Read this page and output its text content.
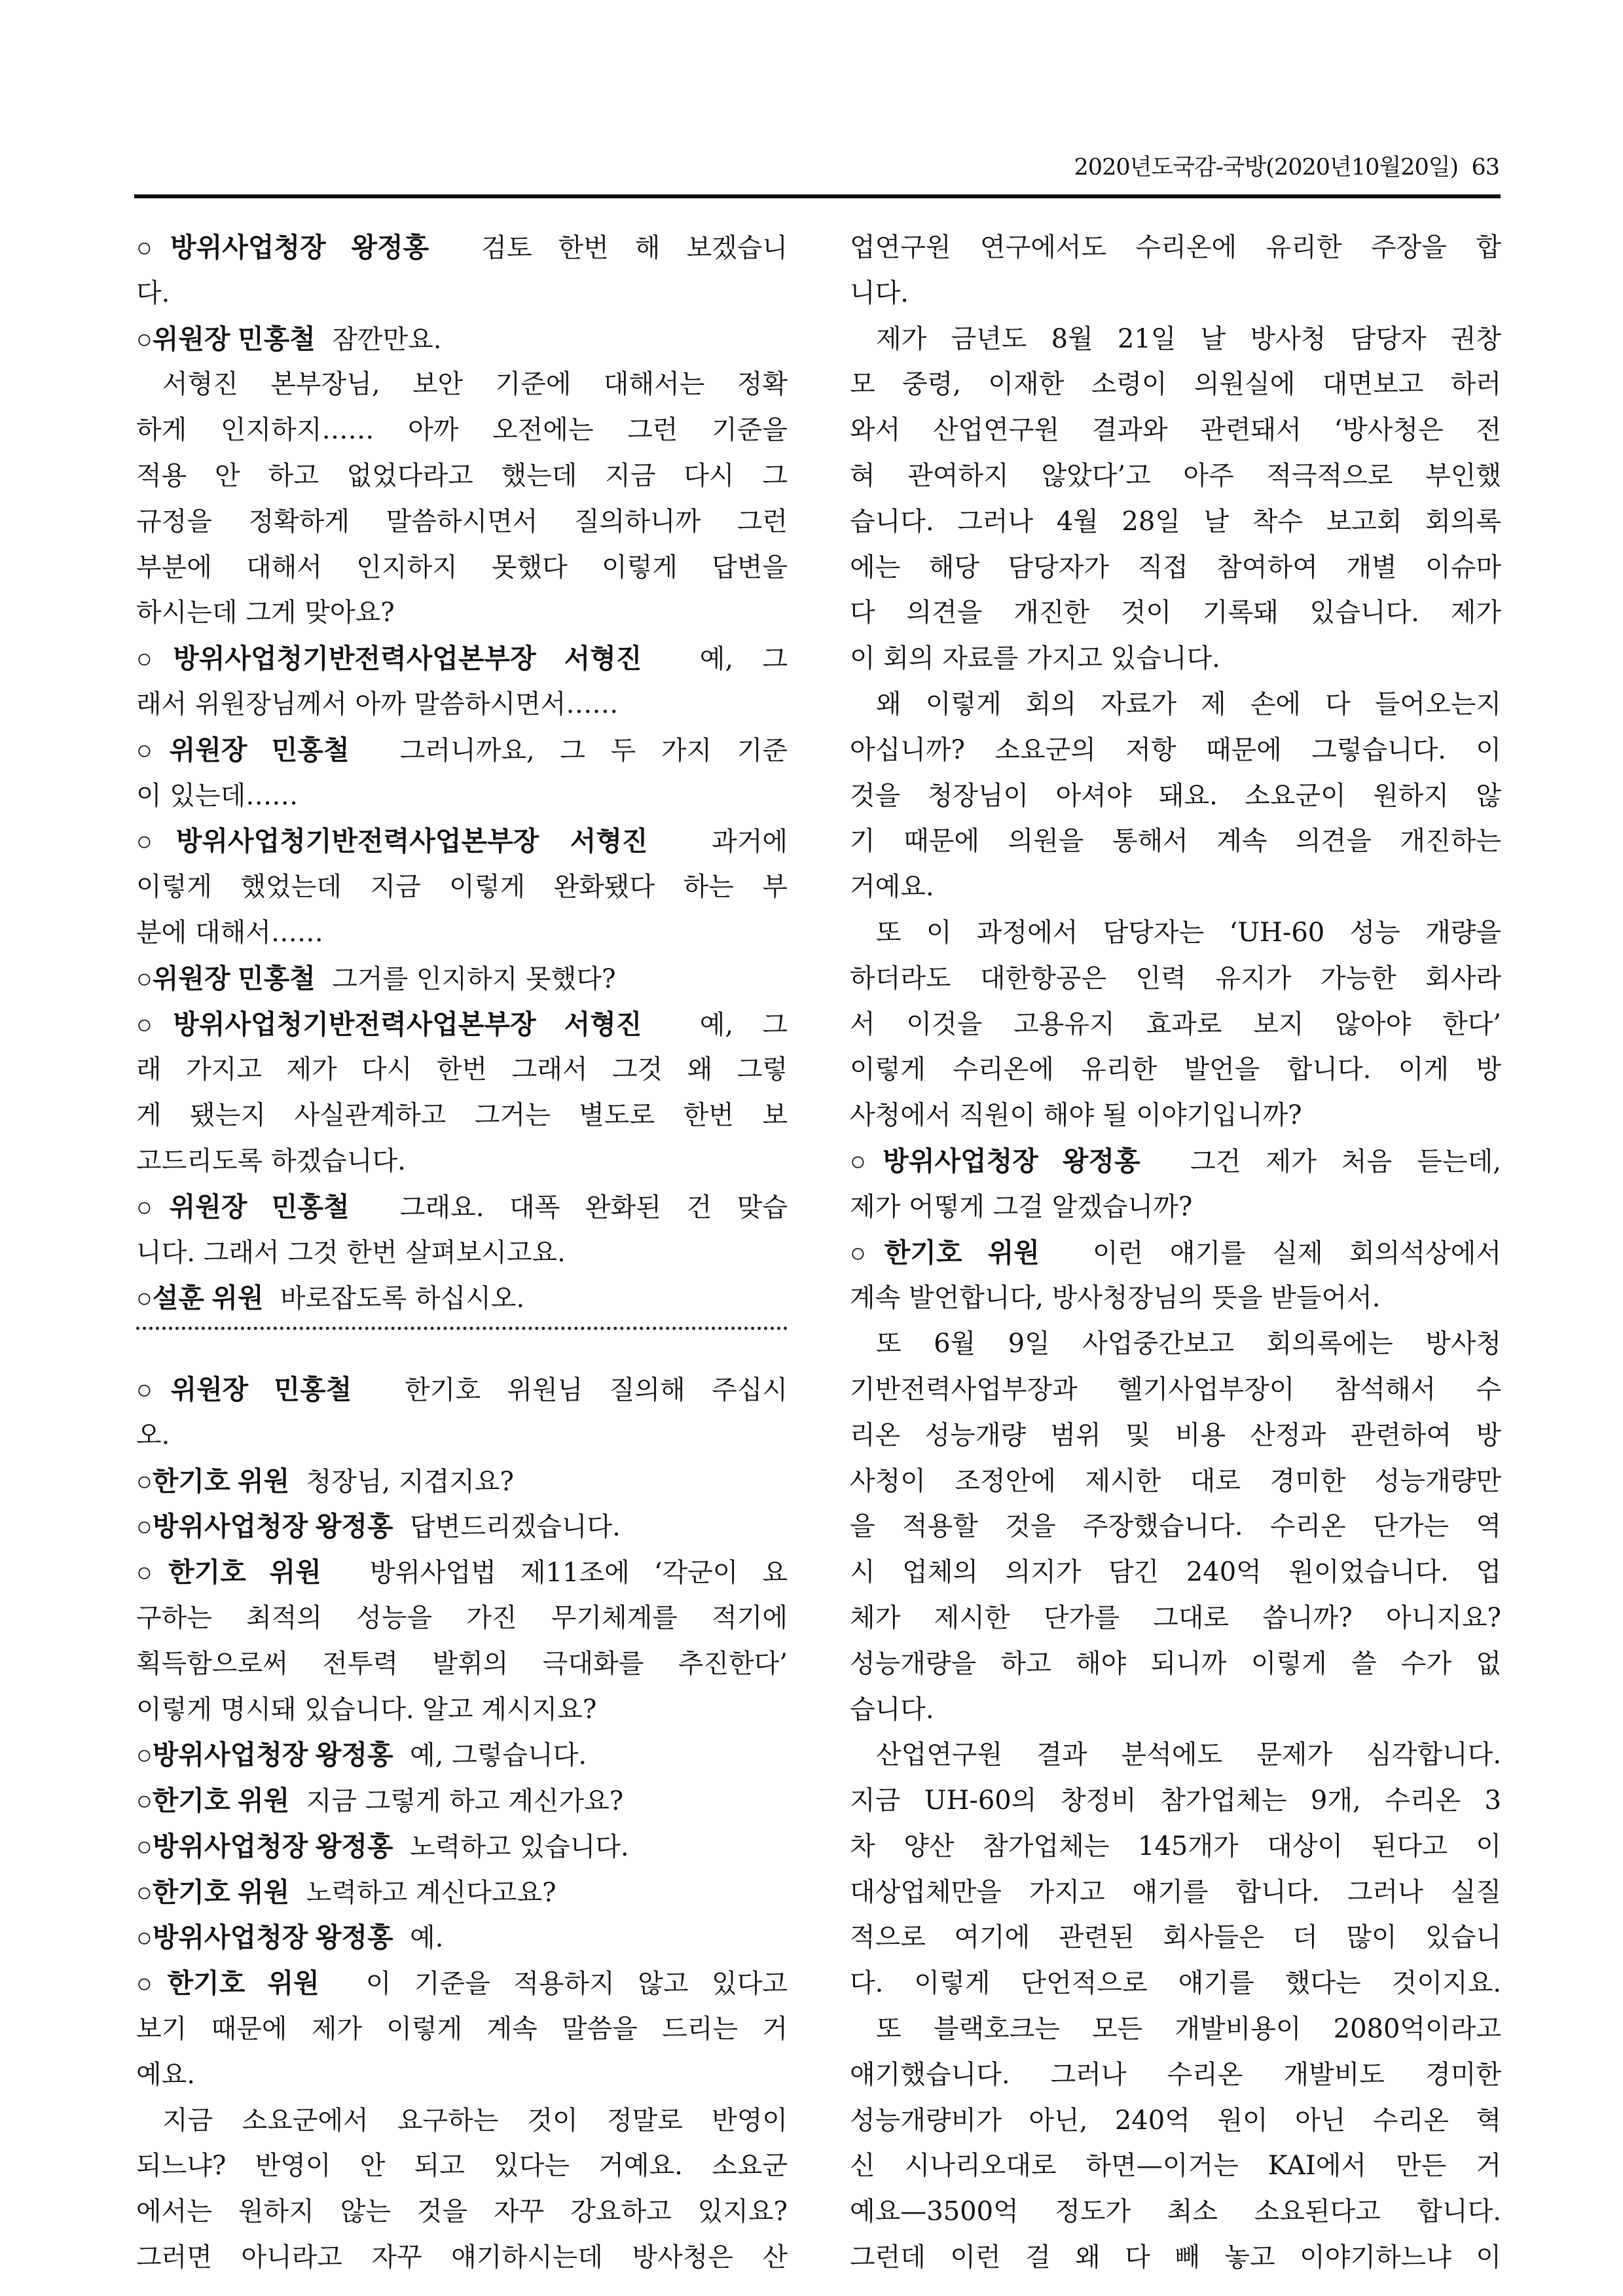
2020년도국감-국방(2020년10월20일) 63
○방위사업청장 왕정홍 검토 한번 해 보겠습니
다.
○위원장 민홍철 잠깐만요.
서형진 본부장님, 보안 기준에 대해서는 정확
하게 인지하지…… 아까 오전에는 그런 기준을
적용 안 하고 없었다라고 했는데 지금 다시 그
규정을 정확하게 말씀하시면서 질의하니까 그런
부분에 대해서 인지하지 못했다 이렇게 답변을
하시는데 그게 맞아요?
○방위사업청기반전력사업본부장 서형진 예, 그
래서 위원장님께서 아까 말씀하시면서……
○위원장 민홍철 그러니까요, 그 두 가지 기준
이 있는데……
○방위사업청기반전력사업본부장 서형진 과거에
이렇게 했었는데 지금 이렇게 완화됐다 하는 부
분에 대해서……
○위원장 민홍철 그거를 인지하지 못했다?
○방위사업청기반전력사업본부장 서형진 예, 그
래 가지고 제가 다시 한번 그래서 그것 왜 그렇
게 됐는지 사실관계하고 그거는 별도로 한번 보
고드리도록 하겠습니다.
○위원장 민홍철 그래요. 대폭 완화된 건 맞습
니다. 그래서 그것 한번 살펴보시고요.
○설훈 위원 바로잡도록 하십시오.
○위원장 민홍철 한기호 위원님 질의해 주십시
오.
○한기호 위원 청장님, 지겹지요?
○방위사업청장 왕정홍 답변드리겠습니다.
○한기호 위원 방위사업법 제11조에 ‘각군이 요
구하는 최적의 성능을 가진 무기체계를 적기에
획득함으로써 전투력 발휘의 극대화를 추진한다’
이렇게 명시돼 있습니다. 알고 계시지요?
○방위사업청장 왕정홍 예, 그렇습니다.
○한기호 위원 지금 그렇게 하고 계신가요?
○방위사업청장 왕정홍 노력하고 있습니다.
○한기호 위원 노력하고 계신다고요?
○방위사업청장 왕정홍 예.
○한기호 위원 이 기준을 적용하지 않고 있다고
보기 때문에 제가 이렇게 계속 말씀을 드리는 거
예요.
지금 소요군에서 요구하는 것이 정말로 반영이
되느냐? 반영이 안 되고 있다는 거예요. 소요군
에서는 원하지 않는 것을 자꾸 강요하고 있지요?
그러면 아니라고 자꾸 얘기하시는데 방사청은 산
업연구원 연구에서도 수리온에 유리한 주장을 합
니다.
제가 금년도 8월 21일 날 방사청 담당자 권창
모 중령, 이재한 소령이 의원실에 대면보고 하러
와서 산업연구원 결과와 관련돼서 ‘방사청은 전
혀 관여하지 않았다’고 아주 적극적으로 부인했
습니다. 그러나 4월 28일 날 착수 보고회 회의록
에는 해당 담당자가 직접 참여하여 개별 이슈마
다 의견을 개진한 것이 기록돼 있습니다. 제가
이 회의 자료를 가지고 있습니다.
왜 이렇게 회의 자료가 제 손에 다 들어오는지
아십니까? 소요군의 저항 때문에 그렇습니다. 이
것을 청장님이 아셔야 돼요. 소요군이 원하지 않
기 때문에 의원을 통해서 계속 의견을 개진하는
거예요.
또 이 과정에서 담당자는 ‘UH-60 성능 개량을
하더라도 대한항공은 인력 유지가 가능한 회사라
서 이것을 고용유지 효과로 보지 않아야 한다’
이렇게 수리온에 유리한 발언을 합니다. 이게 방
사청에서 직원이 해야 될 이야기입니까?
○방위사업청장 왕정홍 그건 제가 처음 듣는데,
제가 어떻게 그걸 알겠습니까?
○한기호 위원 이런 얘기를 실제 회의석상에서
계속 발언합니다, 방사청장님의 뜻을 받들어서.
또 6월 9일 사업중간보고 회의록에는 방사청
기반전력사업부장과 헬기사업부장이 참석해서 수
리온 성능개량 범위 및 비용 산정과 관련하여 방
사청이 조정안에 제시한 대로 경미한 성능개량만
을 적용할 것을 주장했습니다. 수리온 단가는 역
시 업체의 의지가 담긴 240억 원이었습니다. 업
체가 제시한 단가를 그대로 씁니까? 아니지요?
성능개량을 하고 해야 되니까 이렇게 쓸 수가 없
습니다.
산업연구원 결과 분석에도 문제가 심각합니다.
지금 UH-60의 창정비 참가업체는 9개, 수리온 3
차 양산 참가업체는 145개가 대상이 된다고 이
대상업체만을 가지고 얘기를 합니다. 그러나 실질
적으로 여기에 관련된 회사들은 더 많이 있습니
다. 이렇게 단언적으로 얘기를 했다는 것이지요.
또 블랙호크는 모든 개발비용이 2080억이라고
얘기했습니다. 그러나 수리온 개발비도 경미한
성능개량비가 아닌, 240억 원이 아닌 수리온 혁
신 시나리오대로 하면—이거는 KAI에서 만든 거
예요—3500억 정도가 최소 소요된다고 합니다.
그런데 이런 걸 왜 다 빼 놓고 이야기하느냐 이
